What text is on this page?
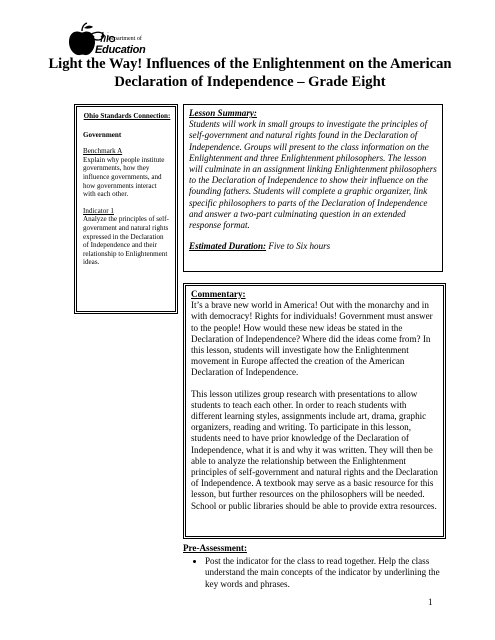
Department of
Education
Light the Way! Influences of the Enlightenment on the American
Declaration of Independence – Grade Eight
Ohio Standards Connection:
Government
Benchmark A

Explain why people institute governments, how they influence governments, and how governments interact with each other.

Indicator 1

Analyze the principles of self-government and natural rights expressed in the Declaration of Independence and their relationship to Enlightenment ideas.

Lesson Summary:
Students will work in small groups to investigate the principles of self-government and natural rights found in the Declaration of Independence. Groups will present to the class information on the Enlightenment and three Enlightenment philosophers. The lesson will culminate in an assignment linking Enlightenment philosophers to the Declaration of Independence to show their influence on the founding fathers. Students will complete a graphic organizer, link specific philosophers to parts of the Declaration of Independence and answer a two-part culminating question in an extended response format.
Estimated Duration: Five to Six hours
Commentary:

It’s a brave new world in America! Out with the monarchy and in with democracy! Rights for individuals! Government must answer to the people! How would these new ideas be stated in the Declaration of Independence? Where did the ideas come from? In this lesson, students will investigate how the Enlightenment movement in Europe affected the creation of the American Declaration of Independence.

This lesson utilizes group research with presentations to allow students to teach each other. In order to reach students with different learning styles, assignments include art, drama, graphic organizers, reading and writing. To participate in this lesson, students need to have prior knowledge of the Declaration of Independence, what it is and why it was written. They will then be able to analyze the relationship between the Enlightenment principles of self-government and natural rights and the Declaration of Independence. A textbook may serve as a basic resource for this lesson, but further resources on the philosophers will be needed. School or public libraries should be able to provide extra resources.

Pre-Assessment:
• Post the indicator for the class to read together. Help the class understand the main concepts of the indicator by underlining the key words and phrases.
1
